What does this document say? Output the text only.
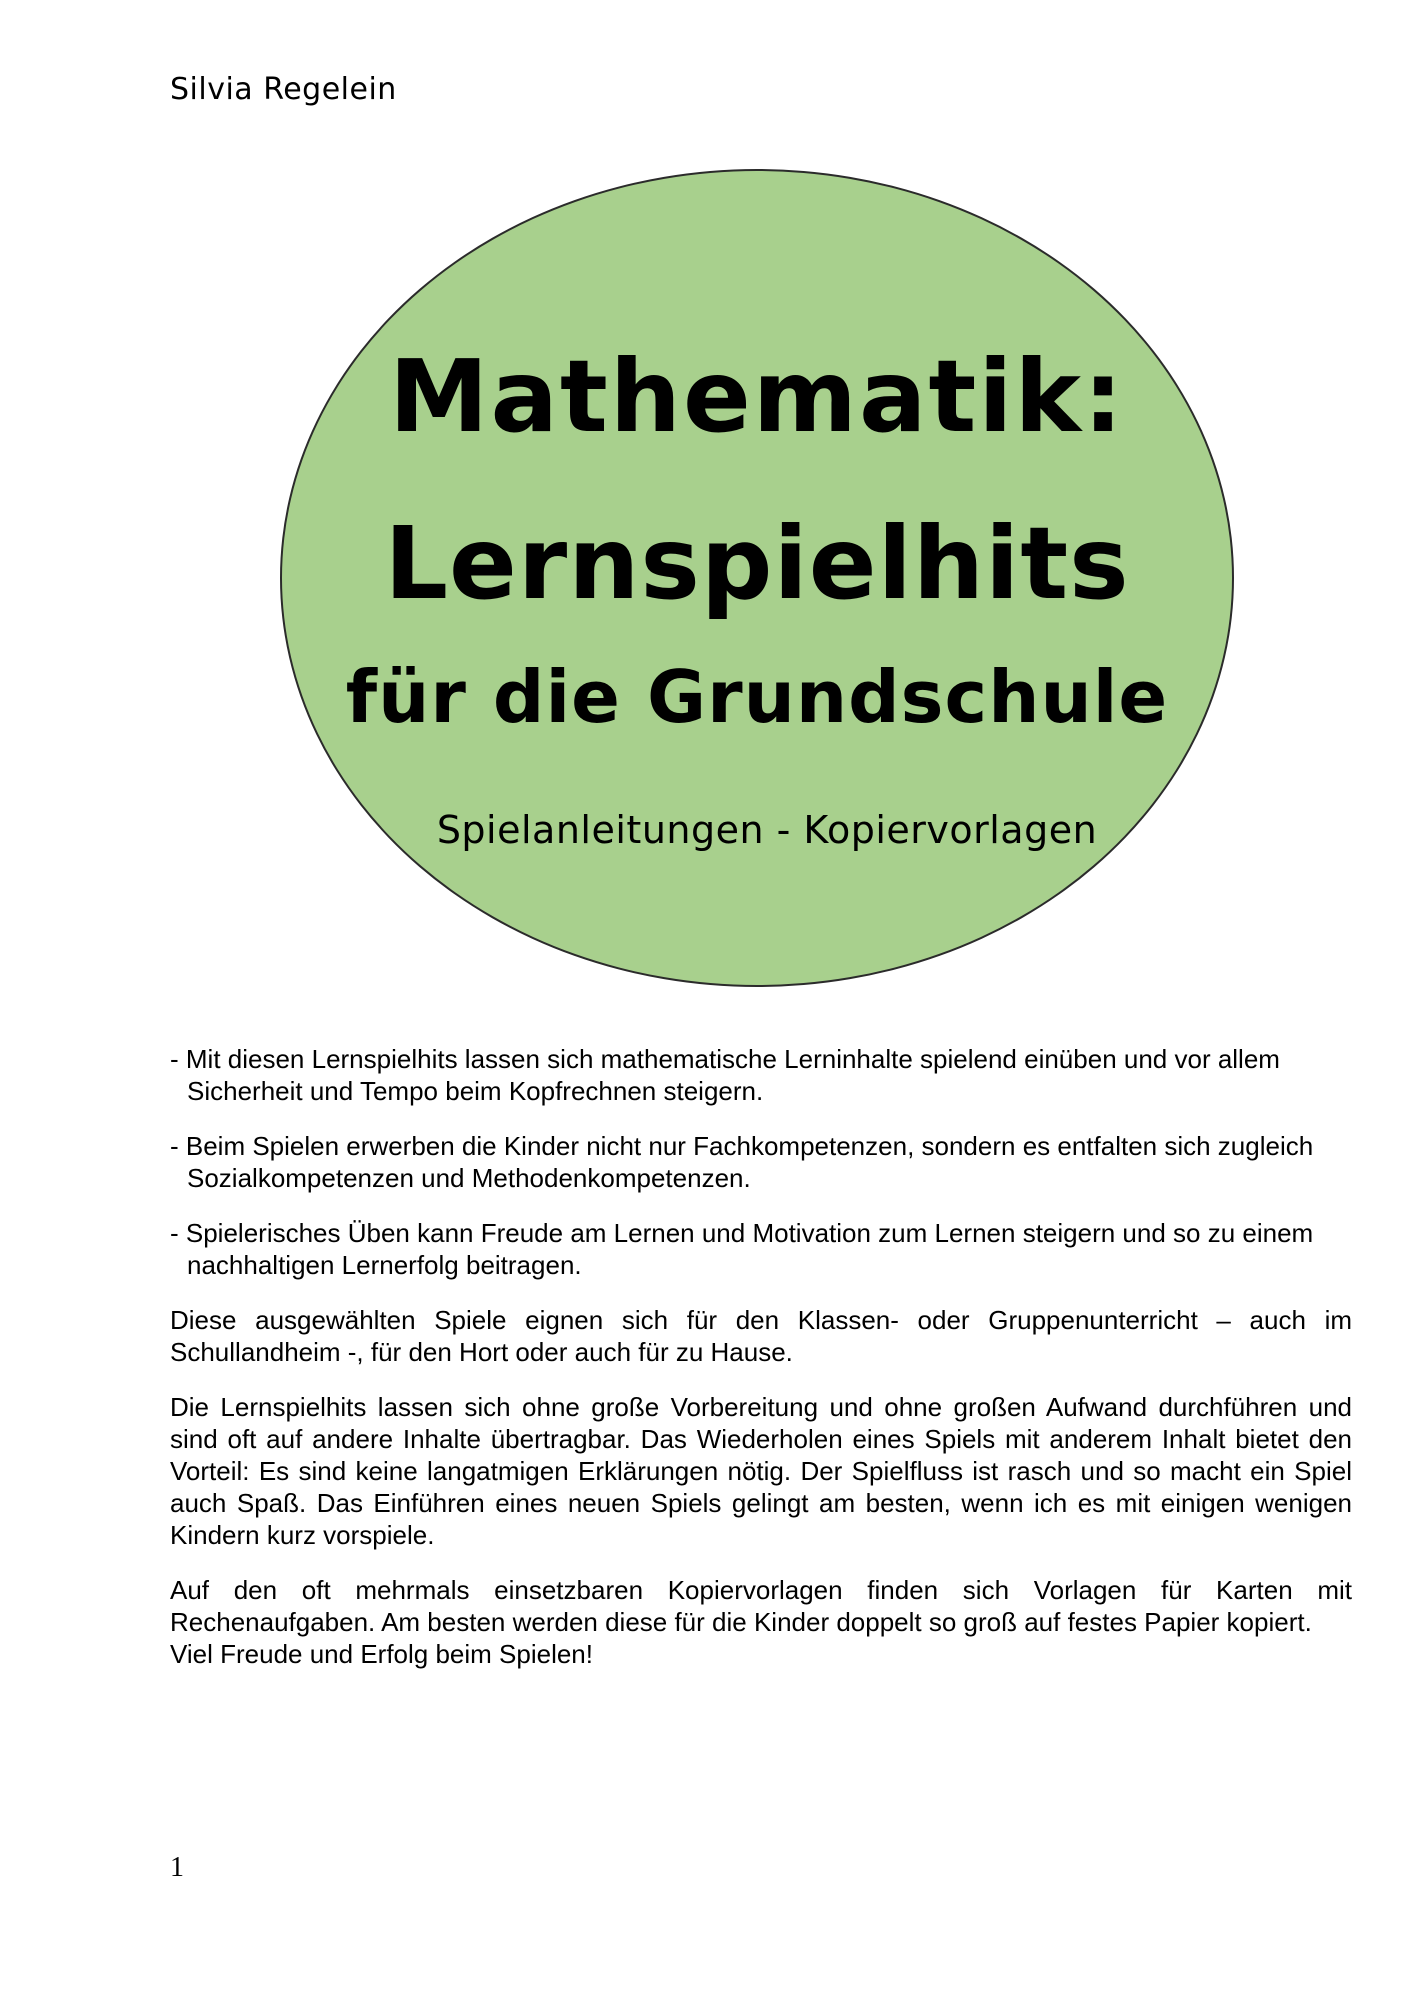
Silvia Regelein
Mathematik:
Lernspielhits
für die Grundschule
Spielanleitungen - Kopiervorlagen

- Mit diesen Lernspielhits lassen sich mathematische Lerninhalte spielend einüben und vor allem Sicherheit und Tempo beim Kopfrechnen steigern.

- Beim Spielen erwerben die Kinder nicht nur Fachkompetenzen, sondern es entfalten sich zugleich Sozialkompetenzen und Methodenkompetenzen.

- Spielerisches Üben kann Freude am Lernen und Motivation zum Lernen steigern und so zu einem nachhaltigen Lernerfolg beitragen.

Diese ausgewählten Spiele eignen sich für den Klassen- oder Gruppenunterricht – auch im Schullandheim -, für den Hort oder auch für zu Hause.

Die Lernspielhits lassen sich ohne große Vorbereitung und ohne großen Aufwand durchführen und sind oft auf andere Inhalte übertragbar. Das Wiederholen eines Spiels mit anderem Inhalt bietet den Vorteil: Es sind keine langatmigen Erklärungen nötig. Der Spielfluss ist rasch und so macht ein Spiel auch Spaß. Das Einführen eines neuen Spiels gelingt am besten, wenn ich es mit einigen wenigen Kindern kurz vorspiele.

Auf den oft mehrmals einsetzbaren Kopiervorlagen finden sich Vorlagen für Karten mit Rechenaufgaben. Am besten werden diese für die Kinder doppelt so groß auf festes Papier kopiert.

Viel Freude und Erfolg beim Spielen!

1
